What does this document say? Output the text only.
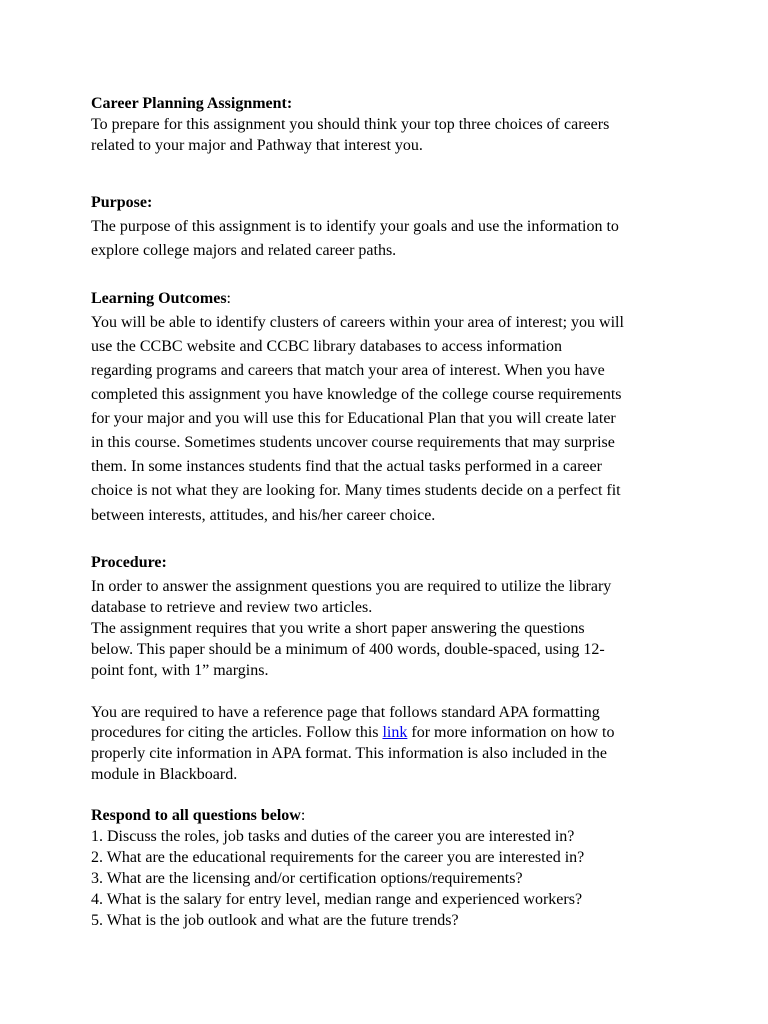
Career Planning Assignment:

To prepare for this assignment you should think your top three choices of careers

related to your major and Pathway that interest you.

Purpose:

The purpose of this assignment is to identify your goals and use the information to

explore college majors and related career paths.

Learning Outcomes:

You will be able to identify clusters of careers within your area of interest; you will

use the CCBC website and CCBC library databases to access information

regarding programs and careers that match your area of interest. When you have

completed this assignment you have knowledge of the college course requirements

for your major and you will use this for Educational Plan that you will create later

in this course. Sometimes students uncover course requirements that may surprise

them. In some instances students find that the actual tasks performed in a career

choice is not what they are looking for. Many times students decide on a perfect fit

between interests, attitudes, and his/her career choice.

Procedure:

In order to answer the assignment questions you are required to utilize the library

database to retrieve and review two articles.

The assignment requires that you write a short paper answering the questions

below. This paper should be a minimum of 400 words, double-spaced, using 12-

point font, with 1” margins.

You are required to have a reference page that follows standard APA formatting

procedures for citing the articles. Follow this link for more information on how to

properly cite information in APA format. This information is also included in the

module in Blackboard.

Respond to all questions below:

1. Discuss the roles, job tasks and duties of the career you are interested in?

2. What are the educational requirements for the career you are interested in?

3. What are the licensing and/or certification options/requirements?

4. What is the salary for entry level, median range and experienced workers?

5. What is the job outlook and what are the future trends?
